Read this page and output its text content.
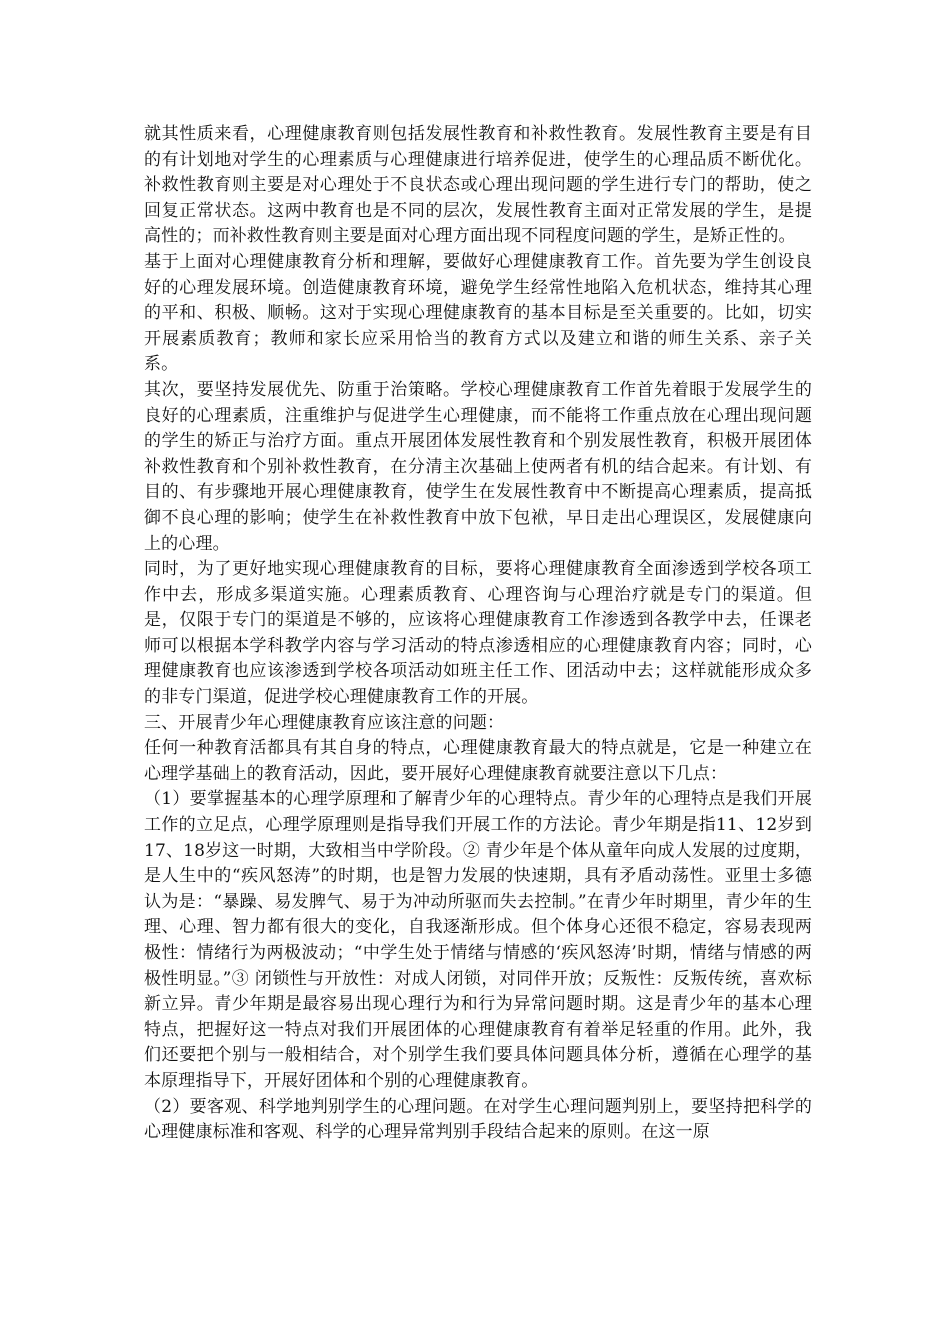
就其性质来看，心理健康教育则包括发展性教育和补救性教育。发展性教育主要是有目的有计划地对学生的心理素质与心理健康进行培养促进，使学生的心理品质不断优化。补救性教育则主要是对心理处于不良状态或心理出现问题的学生进行专门的帮助，使之回复正常状态。这两中教育也是不同的层次，发展性教育主面对正常发展的学生，是提高性的；而补救性教育则主要是面对心理方面出现不同程度问题的学生，是矫正性的。

基于上面对心理健康教育分析和理解，要做好心理健康教育工作。首先要为学生创设良好的心理发展环境。创造健康教育环境，避免学生经常性地陷入危机状态，维持其心理的平和、积极、顺畅。这对于实现心理健康教育的基本目标是至关重要的。比如，切实开展素质教育；教师和家长应采用恰当的教育方式以及建立和谐的师生关系、亲子关系。

其次，要坚持发展优先、防重于治策略。学校心理健康教育工作首先着眼于发展学生的良好的心理素质，注重维护与促进学生心理健康，而不能将工作重点放在心理出现问题的学生的矫正与治疗方面。重点开展团体发展性教育和个别发展性教育，积极开展团体补救性教育和个别补救性教育，在分清主次基础上使两者有机的结合起来。有计划、有目的、有步骤地开展心理健康教育，使学生在发展性教育中不断提高心理素质，提高抵御不良心理的影响；使学生在补救性教育中放下包袱，早日走出心理误区，发展健康向上的心理。

同时，为了更好地实现心理健康教育的目标，要将心理健康教育全面渗透到学校各项工作中去，形成多渠道实施。心理素质教育、心理咨询与心理治疗就是专门的渠道。但是，仅限于专门的渠道是不够的，应该将心理健康教育工作渗透到各教学中去，任课老师可以根据本学科教学内容与学习活动的特点渗透相应的心理健康教育内容；同时，心理健康教育也应该渗透到学校各项活动如班主任工作、团活动中去；这样就能形成众多的非专门渠道，促进学校心理健康教育工作的开展。

三、开展青少年心理健康教育应该注意的问题：

任何一种教育活都具有其自身的特点，心理健康教育最大的特点就是，它是一种建立在心理学基础上的教育活动，因此，要开展好心理健康教育就要注意以下几点：

（1）要掌握基本的心理学原理和了解青少年的心理特点。青少年的心理特点是我们开展工作的立足点，心理学原理则是指导我们开展工作的方法论。青少年期是指11、12岁到17、18岁这一时期，大致相当中学阶段。② 青少年是个体从童年向成人发展的过度期，是人生中的“疾风怒涛”的时期，也是智力发展的快速期，具有矛盾动荡性。亚里士多德认为是：“暴躁、易发脾气、易于为冲动所驱而失去控制。”在青少年时期里，青少年的生理、心理、智力都有很大的变化，自我逐渐形成。但个体身心还很不稳定，容易表现两极性：情绪行为两极波动；“中学生处于情绪与情感的‘疾风怒涛’时期，情绪与情感的两极性明显。”③ 闭锁性与开放性：对成人闭锁，对同伴开放；反叛性：反叛传统，喜欢标新立异。青少年期是最容易出现心理行为和行为异常问题时期。这是青少年的基本心理特点，把握好这一特点对我们开展团体的心理健康教育有着举足轻重的作用。此外，我们还要把个别与一般相结合，对个别学生我们要具体问题具体分析，遵循在心理学的基本原理指导下，开展好团体和个别的心理健康教育。

（2）要客观、科学地判别学生的心理问题。在对学生心理问题判别上，要坚持把科学的心理健康标准和客观、科学的心理异常判别手段结合起来的原则。在这一原
